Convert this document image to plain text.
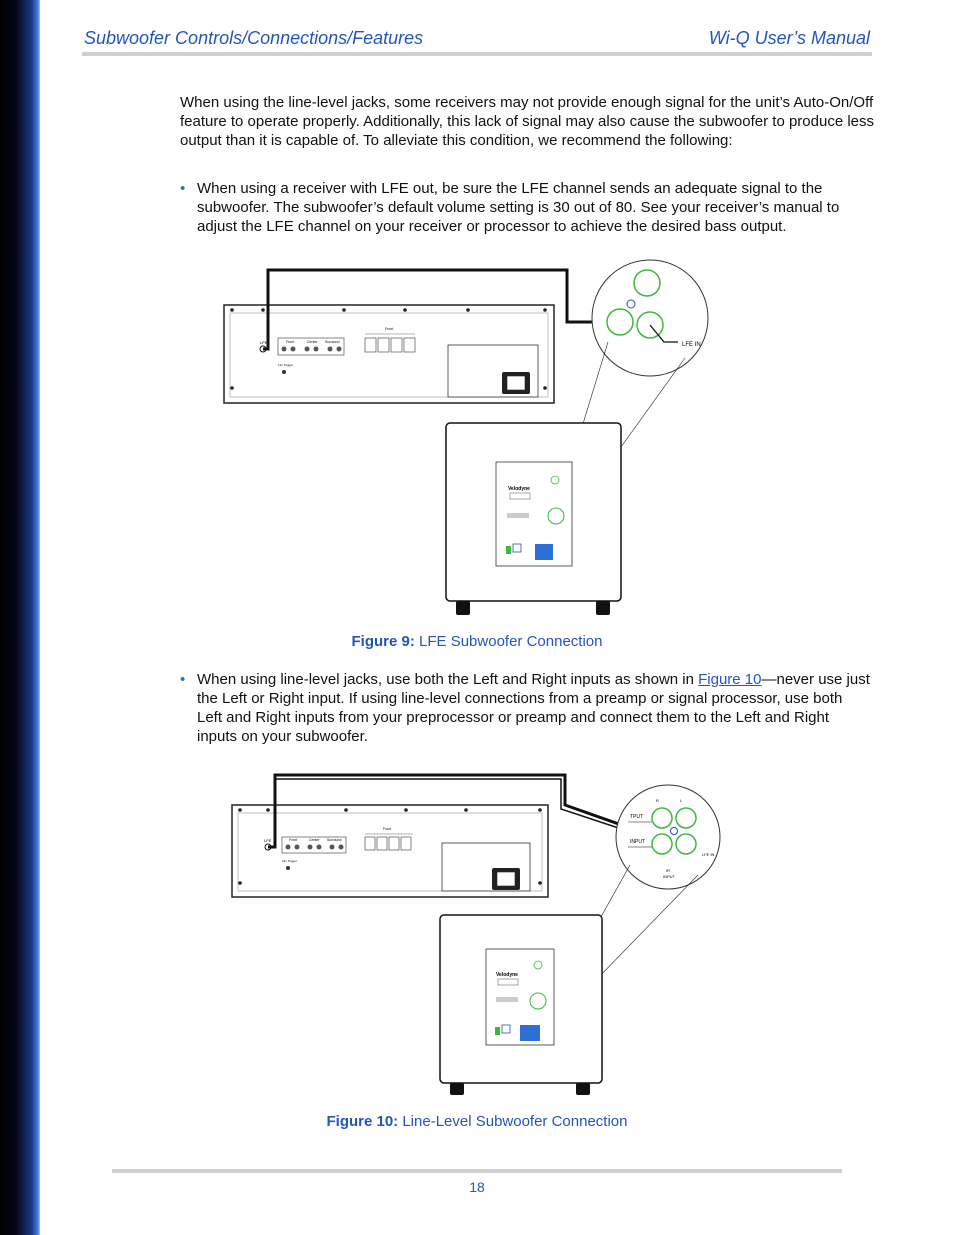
Subwoofer Controls/Connections/Features	Wi-Q User’s Manual

When using the line-level jacks, some receivers may not provide enough signal for the unit’s Auto-On/Off feature to operate properly. Additionally, this lack of signal may also cause the subwoofer to produce less output than it is capable of. To alleviate this condition, we recommend the following:

• When using a receiver with LFE out, be sure the LFE channel sends an adequate signal to the subwoofer. The subwoofer’s default volume setting is 30 out of 80. See your receiver’s manual to adjust the LFE channel on your receiver or processor to achieve the desired bass output.
LFE	Front	Center Surround
12v Trigger
Front
LFE IN
Velodyne
Figure 9: LFE Subwoofer Connection
• When using line-level jacks, use both the Left and Right inputs as shown in Figure 10—never use just the Left or Right input. If using line-level connections from a preamp or signal processor, use both Left and Right inputs from your preprocessor or preamp and connect them to the Left and Right inputs on your subwoofer.
LFE	Front	Center Surround
12v Trigger
Front
R	L
TPUT
INPUT
LFE IN
IR
INPUT
Velodyne
Figure 10: Line-Level Subwoofer Connection
18
